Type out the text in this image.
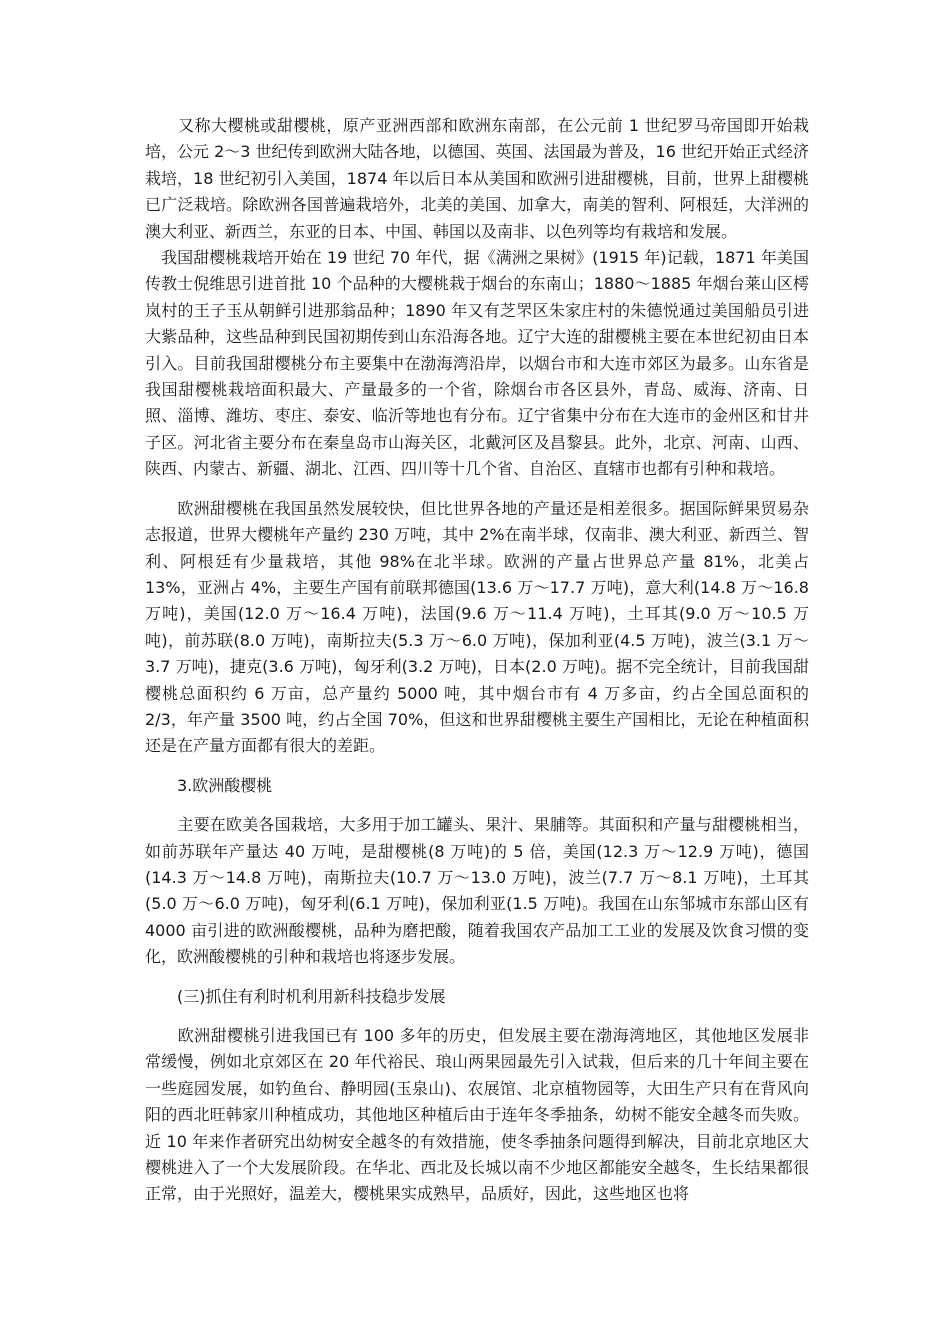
　　又称大樱桃或甜樱桃，原产亚洲西部和欧洲东南部，在公元前 1 世纪罗马帝国即开始栽培，公元 2～3 世纪传到欧洲大陆各地，以德国、英国、法国最为普及，16 世纪开始正式经济栽培，18 世纪初引入美国，1874 年以后日本从美国和欧洲引进甜樱桃，目前，世界上甜樱桃已广泛栽培。除欧洲各国普遍栽培外，北美的美国、加拿大，南美的智利、阿根廷，大洋洲的澳大利亚、新西兰，东亚的日本、中国、韩国以及南非、以色列等均有栽培和发展。

　我国甜樱桃栽培开始在 19 世纪 70 年代，据《满洲之果树》(1915 年)记载，1871 年美国传教士倪维思引进首批 10 个品种的大樱桃栽于烟台的东南山；1880～1885 年烟台莱山区樗岚村的王子玉从朝鲜引进那翁品种；1890 年又有芝罘区朱家庄村的朱德悦通过美国船员引进大紫品种，这些品种到民国初期传到山东沿海各地。辽宁大连的甜樱桃主要在本世纪初由日本引入。目前我国甜樱桃分布主要集中在渤海湾沿岸，以烟台市和大连市郊区为最多。山东省是我国甜樱桃栽培面积最大、产量最多的一个省，除烟台市各区县外，青岛、威海、济南、日照、淄博、潍坊、枣庄、泰安、临沂等地也有分布。辽宁省集中分布在大连市的金州区和甘井子区。河北省主要分布在秦皇岛市山海关区，北戴河区及昌黎县。此外，北京、河南、山西、陕西、内蒙古、新疆、湖北、江西、四川等十几个省、自治区、直辖市也都有引种和栽培。

　　欧洲甜樱桃在我国虽然发展较快，但比世界各地的产量还是相差很多。据国际鲜果贸易杂志报道，世界大樱桃年产量约 230 万吨，其中 2%在南半球，仅南非、澳大利亚、新西兰、智利、阿根廷有少量栽培，其他 98%在北半球。欧洲的产量占世界总产量 81%，北美占 13%，亚洲占 4%，主要生产国有前联邦德国(13.6 万～17.7 万吨)，意大利(14.8 万～16.8 万吨)，美国(12.0 万～16.4 万吨)，法国(9.6 万～11.4 万吨)，土耳其(9.0 万～10.5 万吨)，前苏联(8.0 万吨)，南斯拉夫(5.3 万～6.0 万吨)，保加利亚(4.5 万吨)，波兰(3.1 万～3.7 万吨)，捷克(3.6 万吨)，匈牙利(3.2 万吨)，日本(2.0 万吨)。据不完全统计，目前我国甜樱桃总面积约 6 万亩，总产量约 5000 吨，其中烟台市有 4 万多亩，约占全国总面积的 2/3，年产量 3500 吨，约占全国 70%，但这和世界甜樱桃主要生产国相比，无论在种植面积还是在产量方面都有很大的差距。

　　3.欧洲酸樱桃

　　主要在欧美各国栽培，大多用于加工罐头、果汁、果脯等。其面积和产量与甜樱桃相当，如前苏联年产量达 40 万吨，是甜樱桃(8 万吨)的 5 倍，美国(12.3 万～12.9 万吨)，德国(14.3 万～14.8 万吨)，南斯拉夫(10.7 万～13.0 万吨)，波兰(7.7 万～8.1 万吨)，土耳其(5.0 万～6.0 万吨)，匈牙利(6.1 万吨)，保加利亚(1.5 万吨)。我国在山东邹城市东部山区有 4000 亩引进的欧洲酸樱桃，品种为磨把酸，随着我国农产品加工工业的发展及饮食习惯的变化，欧洲酸樱桃的引种和栽培也将逐步发展。

　　(三)抓住有利时机利用新科技稳步发展

　　欧洲甜樱桃引进我国已有 100 多年的历史，但发展主要在渤海湾地区，其他地区发展非常缓慢，例如北京郊区在 20 年代裕民、琅山两果园最先引入试栽，但后来的几十年间主要在一些庭园发展，如钓鱼台、静明园(玉泉山)、农展馆、北京植物园等，大田生产只有在背风向阳的西北旺韩家川种植成功，其他地区种植后由于连年冬季抽条，幼树不能安全越冬而失败。近 10 年来作者研究出幼树安全越冬的有效措施，使冬季抽条问题得到解决，目前北京地区大樱桃进入了一个大发展阶段。在华北、西北及长城以南不少地区都能安全越冬，生长结果都很正常，由于光照好，温差大，樱桃果实成熟早，品质好，因此，这些地区也将
